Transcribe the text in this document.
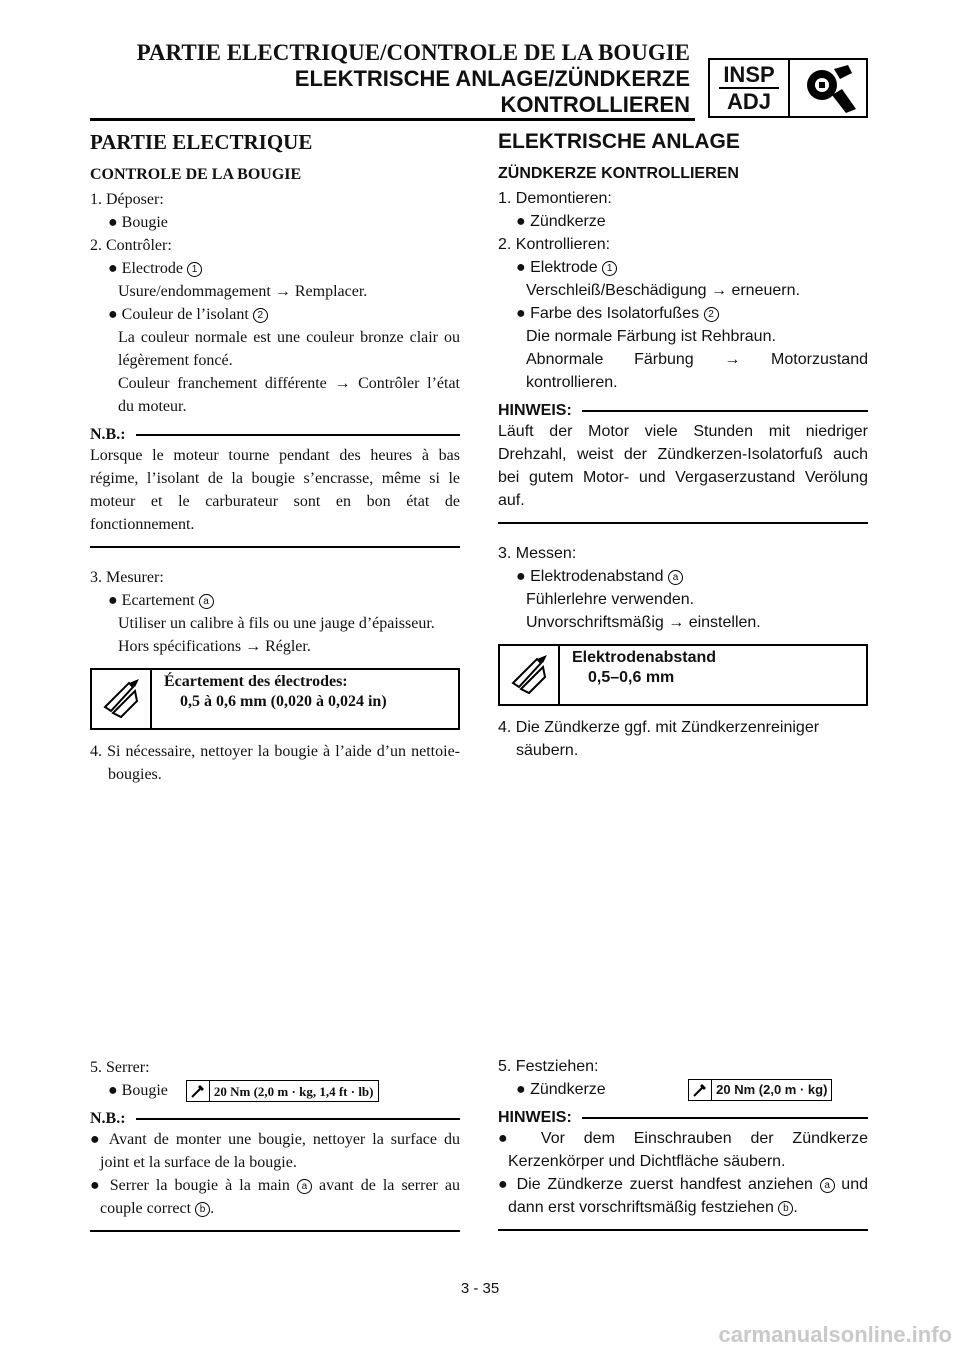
PARTIE ELECTRIQUE/CONTROLE DE LA BOUGIE
ELEKTRISCHE ANLAGE/ZÜNDKERZE
KONTROLLIEREN
INSP
ADJ
PARTIE ELECTRIQUE
CONTROLE DE LA BOUGIE
1. Déposer:
● Bougie
2. Contrôler:
● Electrode 1
Usure/endommagement → Remplacer.
● Couleur de l’isolant 2
La couleur normale est une couleur bronze clair ou légèrement foncé.
Couleur franchement différente → Contrôler l’état du moteur.
N.B.:
Lorsque le moteur tourne pendant des heures à bas régime, l’isolant de la bougie s’encrasse, même si le moteur et le carburateur sont en bon état de fonctionnement.
3. Mesurer:
● Ecartement a
Utiliser un calibre à fils ou une jauge d’épaisseur.
Hors spécifications → Régler.
Écartement des électrodes:
0,5 à 0,6 mm (0,020 à 0,024 in)
4. Si nécessaire, nettoyer la bougie à l’aide d’un nettoie-bougies.
5. Serrer:
● Bougie	20 Nm (2,0 m · kg, 1,4 ft · lb)
N.B.:
● Avant de monter une bougie, nettoyer la surface du joint et la surface de la bougie.
● Serrer la bougie à la main a avant de la serrer au couple correct b .
ELEKTRISCHE ANLAGE
ZÜNDKERZE KONTROLLIEREN
1. Demontieren:
● Zündkerze
2. Kontrollieren:
● Elektrode 1
Verschleiß/Beschädigung → erneuern.
● Farbe des Isolatorfußes 2
Die normale Färbung ist Rehbraun.
Abnormale Färbung → Motorzustand kontrollieren.
HINWEIS:
Läuft der Motor viele Stunden mit niedriger Drehzahl, weist der Zündkerzen-Isolatorfuß auch bei gutem Motor- und Vergaserzustand Verölung auf.
3. Messen:
● Elektrodenabstand a
Fühlerlehre verwenden.
Unvorschriftsmäßig → einstellen.
Elektrodenabstand
0,5–0,6 mm
4. Die Zündkerze ggf. mit Zündkerzenreiniger säubern.
5. Festziehen:
● Zündkerze	20 Nm (2,0 m · kg)
HINWEIS:
● Vor dem Einschrauben der Zündkerze Kerzenkörper und Dichtfläche säubern.
● Die Zündkerze zuerst handfest anziehen a und dann erst vorschriftsmäßig festziehen b .
3 - 35
carmanualsonline.info
